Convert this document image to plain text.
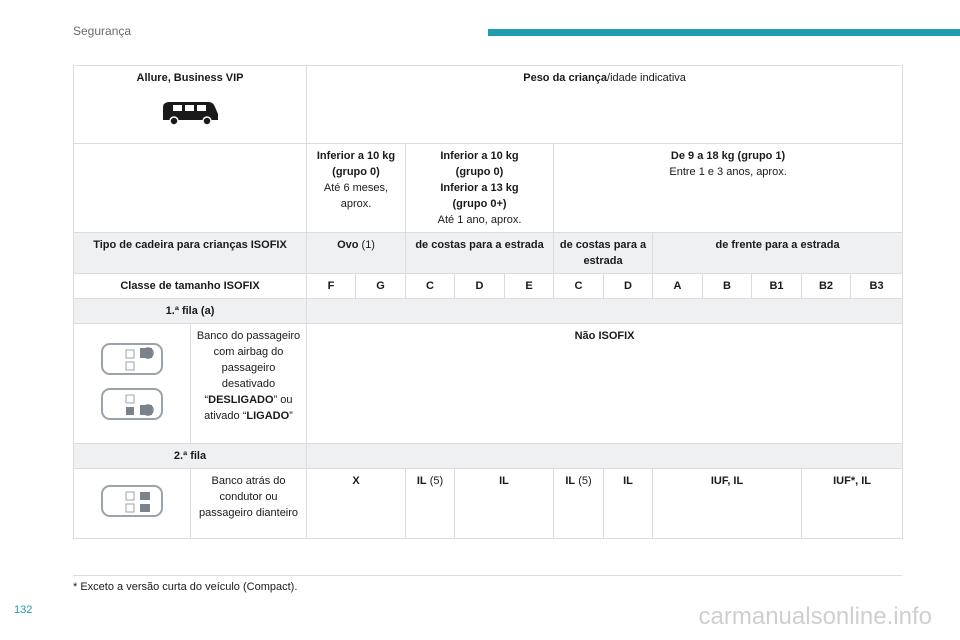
Segurança
Allure, Business VIP		Peso da criança/idade indicativa											
		Inferior a 10 kg
(grupo 0)
Até 6 meses, aprox.		Inferior a 10 kg
(grupo 0)
Inferior a 13 kg
(grupo 0+)
Até 1 ano, aprox.			De 9 a 18 kg (grupo 1)
Entre 1 e 3 anos, aprox.						
Tipo de cadeira para crianças ISOFIX		Ovo (1)		de costas para a estrada			de costas para a estrada		de frente para a estrada				
Classe de tamanho ISOFIX		F	G	C	D	E	C	D	A	B	B1	B2	B3
1.ª fila (a)													
	Banco do passageiro com airbag do passageiro desativado
“DESLIGADO” ou ativado “LIGADO”	Não ISOFIX											
2.ª fila													
	Banco atrás do condutor ou passageiro dianteiro	X		IL (5)	IL		IL (5)	IL	IUF, IL			IUF*, IL	
* Exceto a versão curta do veículo (Compact).
132	carmanualsonline.info
